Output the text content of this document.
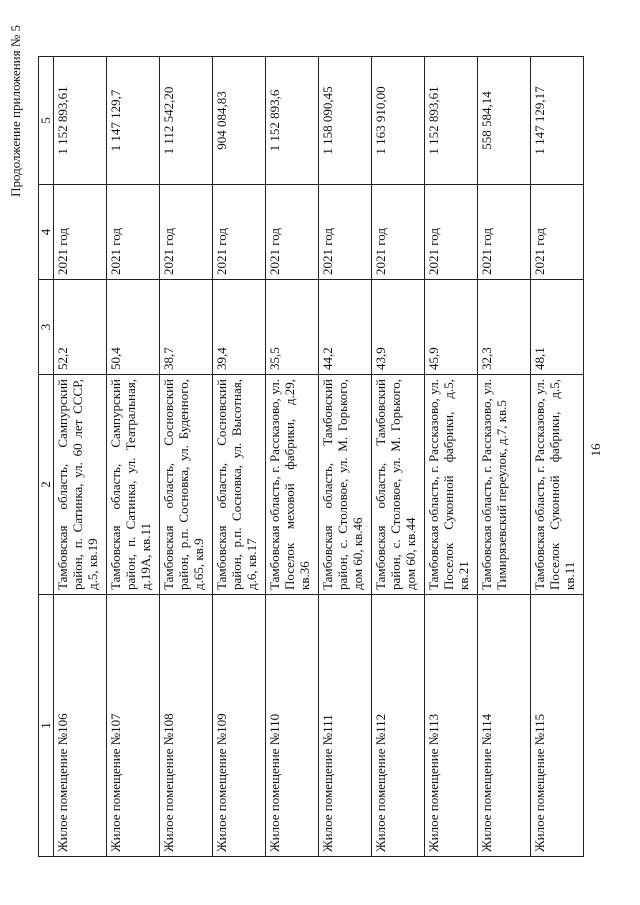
Продолжение приложения № 5
1	2	3	4	5
Жилое помещение №106	Тамбовская область, Сампурский район, п. Сатинка, ул. 60 лет СССР, д.5, кв.19	52,2	2021 год	1 152 893,61
Жилое помещение №107	Тамбовская область, Сампурский район, п. Сатинка, ул. Театральная, д.19А, кв.11	50,4	2021 год	1 147 129,7
Жилое помещение №108	Тамбовская область, Сосновский район, р.п. Сосновка, ул. Буденного, д.65, кв.9	38,7	2021 год	1 112 542,20
Жилое помещение №109	Тамбовская область, Сосновский район, р.п. Сосновка, ул. Высотная, д.6, кв.17	39,4	2021 год	904 084,83
Жилое помещение №110	Тамбовская область, г. Рассказово, ул. Поселок меховой фабрики, д.29, кв.36	35,5	2021 год	1 152 893,6
Жилое помещение №111	Тамбовская область, Тамбовский район, с. Столовое, ул. М. Горького, дом 60, кв.46	44,2	2021 год	1 158 090,45
Жилое помещение №112	Тамбовская область, Тамбовский район, с. Столовое, ул. М. Горького, дом 60, кв.44	43,9	2021 год	1 163 910,00
Жилое помещение №113	Тамбовская область, г. Рассказово, ул. Поселок Суконной фабрики, д.5, кв.21	45,9	2021 год	1 152 893,61
Жилое помещение №114	Тамбовская область, г. Рассказово, ул. Тимирязевский переулок, д.7, кв.5	32,3	2021 год	558 584,14
Жилое помещение №115	Тамбовская область, г. Рассказово, ул. Поселок Суконной фабрики, д.5, кв.11	48,1	2021 год	1 147 129,17
16
